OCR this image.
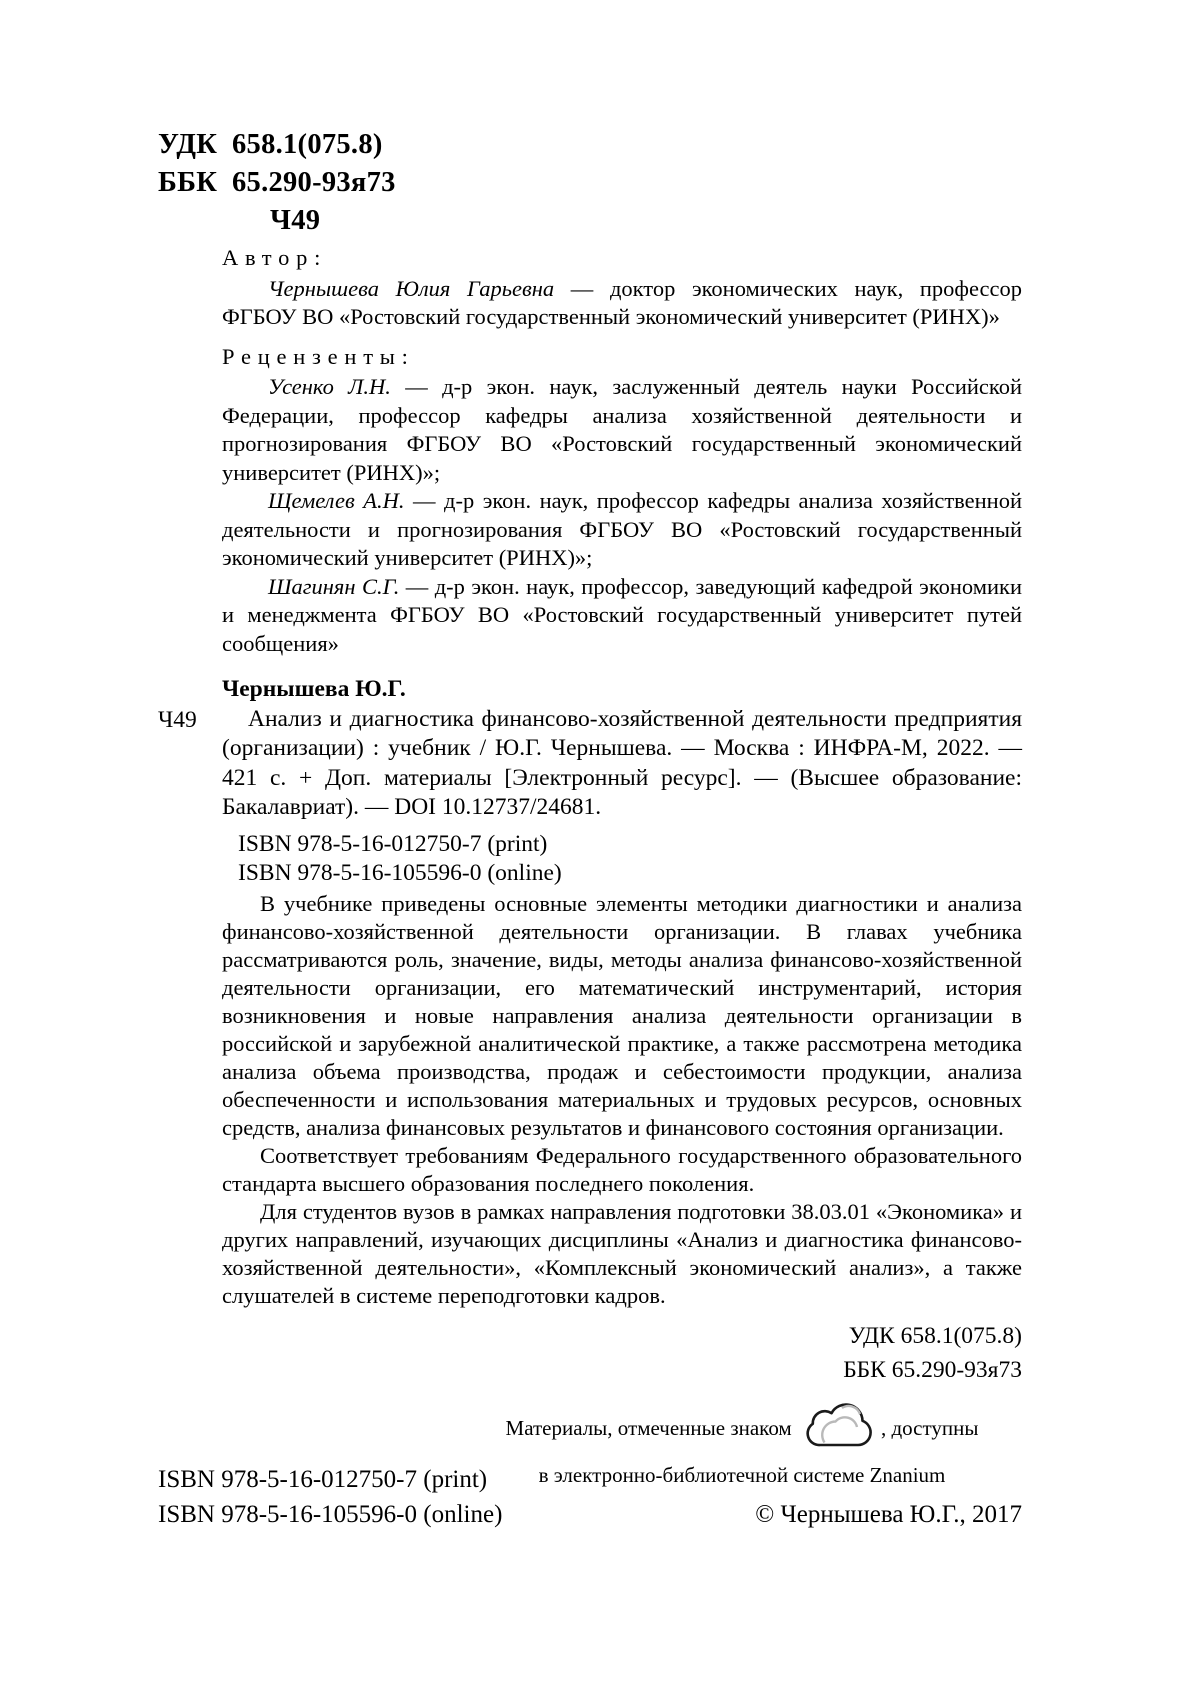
УДК 658.1(075.8)
ББК 65.290-93я73
Ч49
Автор:

Чернышева Юлия Гарьевна — доктор экономических наук, профессор ФГБОУ ВО «Ростовский государственный экономический университет (РИНХ)»

Рецензенты:

Усенко Л.Н. — д-р экон. наук, заслуженный деятель науки Российской Федерации, профессор кафедры анализа хозяйственной деятельности и прогнозирования ФГБОУ ВО «Ростовский государственный экономический университет (РИНХ)»;

Щемелев А.Н. — д-р экон. наук, профессор кафедры анализа хозяйственной деятельности и прогнозирования ФГБОУ ВО «Ростовский государственный экономический университет (РИНХ)»;

Шагинян С.Г. — д-р экон. наук, профессор, заведующий кафедрой экономики и менеджмента ФГБОУ ВО «Ростовский государственный университет путей сообщения»

Чернышева Ю.Г.

Ч49	Анализ и диагностика финансово-хозяйственной деятельности предприятия (организации) : учебник / Ю.Г. Чернышева. — Москва : ИНФРА-М, 2022. — 421 с. + Доп. материалы [Электронный ресурс]. — (Высшее образование: Бакалавриат). — DOI 10.12737/24681.

ISBN 978-5-16-012750-7 (print)
ISBN 978-5-16-105596-0 (online)

В учебнике приведены основные элементы методики диагностики и анализа финансово-хозяйственной деятельности организации. В главах учебника рассматриваются роль, значение, виды, методы анализа финансово-хозяйственной деятельности организации, его математический инструментарий, история возникновения и новые направления анализа деятельности организации в российской и зарубежной аналитической практике, а также рассмотрена методика анализа объема производства, продаж и себестоимости продукции, анализа обеспеченности и использования материальных и трудовых ресурсов, основных средств, анализа финансовых результатов и финансового состояния организации.

Соответствует требованиям Федерального государственного образовательного стандарта высшего образования последнего поколения.

Для студентов вузов в рамках направления подготовки 38.03.01 «Экономика» и других направлений, изучающих дисциплины «Анализ и диагностика финансово-хозяйственной деятельности», «Комплексный экономический анализ», а также слушателей в системе переподготовки кадров.

УДК 658.1(075.8)
ББК 65.290-93я73
Материалы, отмеченные знаком	, доступны
в электронно-библиотечной системе Znanium
ISBN 978-5-16-012750-7 (print)
ISBN 978-5-16-105596-0 (online)	© Чернышева Ю.Г., 2017
